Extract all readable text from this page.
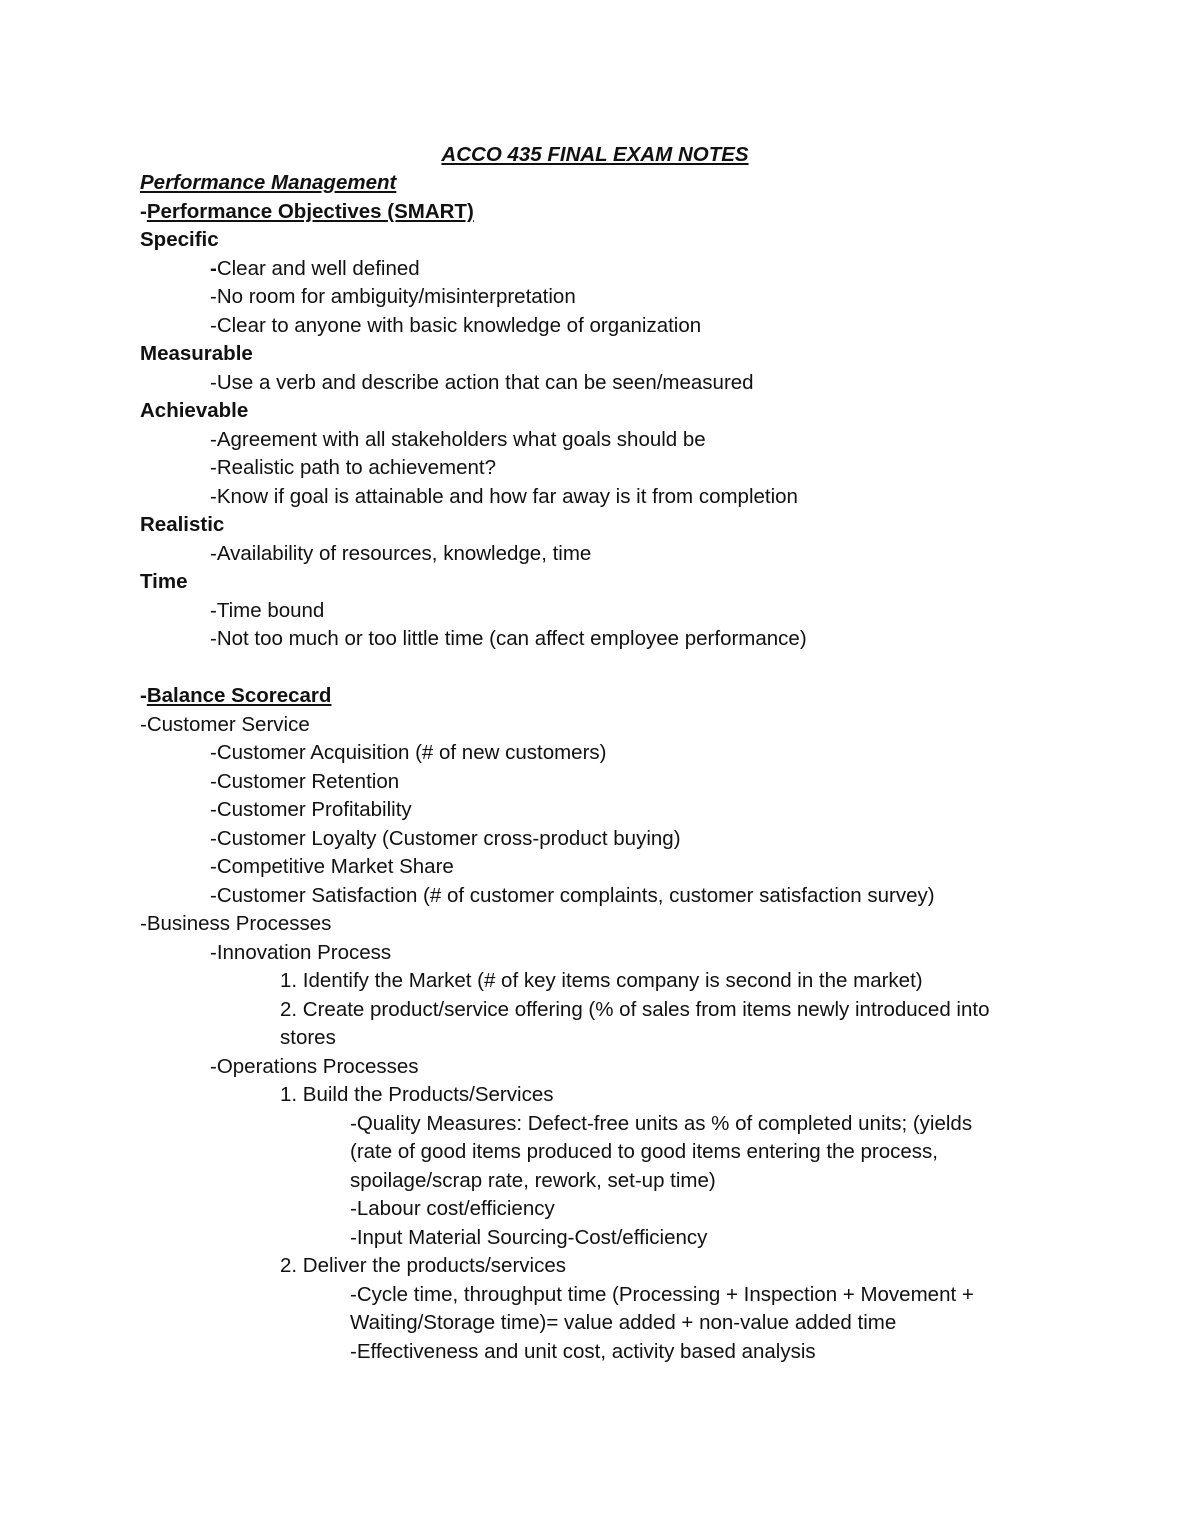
ACCO 435 FINAL EXAM NOTES
Performance Management
-Performance Objectives (SMART)
Specific
-Clear and well defined
-No room for ambiguity/misinterpretation
-Clear to anyone with basic knowledge of organization
Measurable
-Use a verb and describe action that can be seen/measured
Achievable
-Agreement with all stakeholders what goals should be
-Realistic path to achievement?
-Know if goal is attainable and how far away is it from completion
Realistic
-Availability of resources, knowledge, time
Time
-Time bound
-Not too much or too little time (can affect employee performance)
-Balance Scorecard
-Customer Service
-Customer Acquisition (# of new customers)
-Customer Retention
-Customer Profitability
-Customer Loyalty (Customer cross-product buying)
-Competitive Market Share
-Customer Satisfaction (# of customer complaints, customer satisfaction survey)
-Business Processes
-Innovation Process
1. Identify the Market (# of key items company is second in the market)
2. Create product/service offering (% of sales from items newly introduced into
stores
-Operations Processes
1. Build the Products/Services
-Quality Measures: Defect-free units as % of completed units; (yields
(rate of good items produced to good items entering the process,
spoilage/scrap rate, rework, set-up time)
-Labour cost/efficiency
-Input Material Sourcing-Cost/efficiency
2. Deliver the products/services
-Cycle time, throughput time (Processing + Inspection + Movement +
Waiting/Storage time)= value added + non-value added time
-Effectiveness and unit cost, activity based analysis
